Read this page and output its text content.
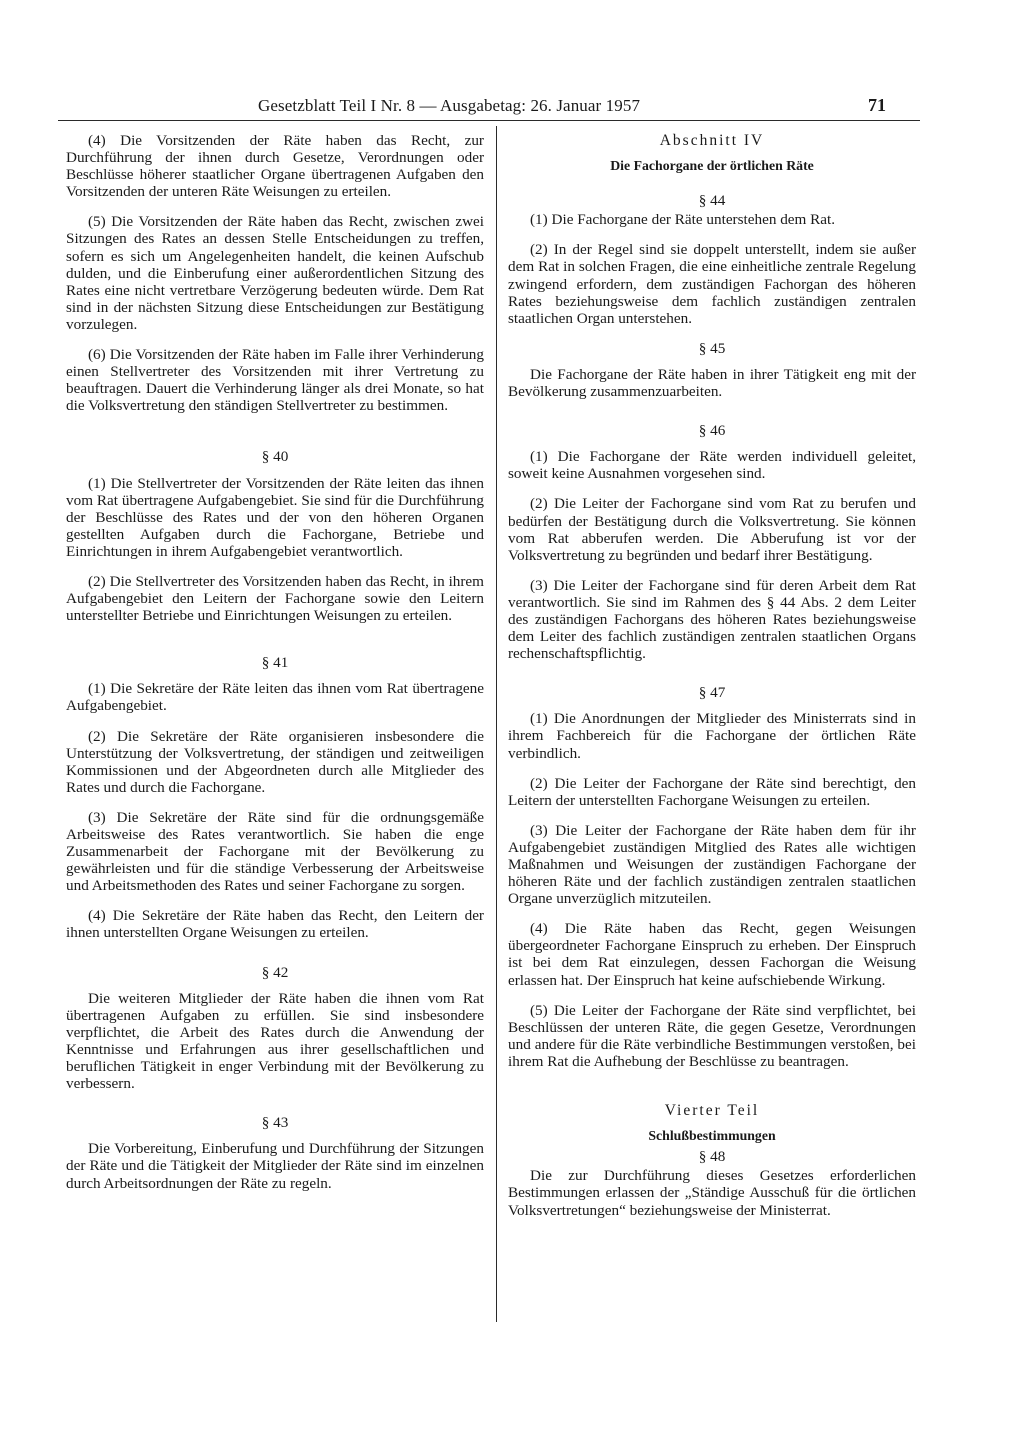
Gesetzblatt Teil I Nr. 8 — Ausgabetag: 26. Januar 1957	71

(4) Die Vorsitzenden der Räte haben das Recht, zur Durchführung der ihnen durch Gesetze, Verordnungen oder Beschlüsse höherer staatlicher Organe übertragenen Aufgaben den Vorsitzenden der unteren Räte Weisungen zu erteilen.

(5) Die Vorsitzenden der Räte haben das Recht, zwischen zwei Sitzungen des Rates an dessen Stelle Entscheidungen zu treffen, sofern es sich um Angelegenheiten handelt, die keinen Aufschub dulden, und die Einberufung einer außerordentlichen Sitzung des Rates eine nicht vertretbare Verzögerung bedeuten würde. Dem Rat sind in der nächsten Sitzung diese Entscheidungen zur Bestätigung vorzulegen.

(6) Die Vorsitzenden der Räte haben im Falle ihrer Verhinderung einen Stellvertreter des Vorsitzenden mit ihrer Vertretung zu beauftragen. Dauert die Verhinderung länger als drei Monate, so hat die Volksvertretung den ständigen Stellvertreter zu bestimmen.

§ 40

(1) Die Stellvertreter der Vorsitzenden der Räte leiten das ihnen vom Rat übertragene Aufgabengebiet. Sie sind für die Durchführung der Beschlüsse des Rates und der von den höheren Organen gestellten Aufgaben durch die Fachorgane, Betriebe und Einrichtungen in ihrem Aufgabengebiet verantwortlich.

(2) Die Stellvertreter des Vorsitzenden haben das Recht, in ihrem Aufgabengebiet den Leitern der Fachorgane sowie den Leitern unterstellter Betriebe und Einrichtungen Weisungen zu erteilen.

§ 41

(1) Die Sekretäre der Räte leiten das ihnen vom Rat übertragene Aufgabengebiet.

(2) Die Sekretäre der Räte organisieren insbesondere die Unterstützung der Volksvertretung, der ständigen und zeitweiligen Kommissionen und der Abgeordneten durch alle Mitglieder des Rates und durch die Fachorgane.

(3) Die Sekretäre der Räte sind für die ordnungsgemäße Arbeitsweise des Rates verantwortlich. Sie haben die enge Zusammenarbeit der Fachorgane mit der Bevölkerung zu gewährleisten und für die ständige Verbesserung der Arbeitsweise und Arbeitsmethoden des Rates und seiner Fachorgane zu sorgen.

(4) Die Sekretäre der Räte haben das Recht, den Leitern der ihnen unterstellten Organe Weisungen zu erteilen.

§ 42

Die weiteren Mitglieder der Räte haben die ihnen vom Rat übertragenen Aufgaben zu erfüllen. Sie sind insbesondere verpflichtet, die Arbeit des Rates durch die Anwendung der Kenntnisse und Erfahrungen aus ihrer gesellschaftlichen und beruflichen Tätigkeit in enger Verbindung mit der Bevölkerung zu verbessern.

§ 43

Die Vorbereitung, Einberufung und Durchführung der Sitzungen der Räte und die Tätigkeit der Mitglieder der Räte sind im einzelnen durch Arbeitsordnungen der Räte zu regeln.

Abschnitt IV

Die Fachorgane der örtlichen Räte

§ 44

(1) Die Fachorgane der Räte unterstehen dem Rat.

(2) In der Regel sind sie doppelt unterstellt, indem sie außer dem Rat in solchen Fragen, die eine einheitliche zentrale Regelung zwingend erfordern, dem zuständigen Fachorgan des höheren Rates beziehungsweise dem fachlich zuständigen zentralen staatlichen Organ unterstehen.

§ 45

Die Fachorgane der Räte haben in ihrer Tätigkeit eng mit der Bevölkerung zusammenzuarbeiten.

§ 46

(1) Die Fachorgane der Räte werden individuell geleitet, soweit keine Ausnahmen vorgesehen sind.

(2) Die Leiter der Fachorgane sind vom Rat zu berufen und bedürfen der Bestätigung durch die Volksvertretung. Sie können vom Rat abberufen werden. Die Abberufung ist vor der Volksvertretung zu begründen und bedarf ihrer Bestätigung.

(3) Die Leiter der Fachorgane sind für deren Arbeit dem Rat verantwortlich. Sie sind im Rahmen des § 44 Abs. 2 dem Leiter des zuständigen Fachorgans des höheren Rates beziehungsweise dem Leiter des fachlich zuständigen zentralen staatlichen Organs rechenschaftspflichtig.

§ 47

(1) Die Anordnungen der Mitglieder des Ministerrats sind in ihrem Fachbereich für die Fachorgane der örtlichen Räte verbindlich.

(2) Die Leiter der Fachorgane der Räte sind berechtigt, den Leitern der unterstellten Fachorgane Weisungen zu erteilen.

(3) Die Leiter der Fachorgane der Räte haben dem für ihr Aufgabengebiet zuständigen Mitglied des Rates alle wichtigen Maßnahmen und Weisungen der zuständigen Fachorgane der höheren Räte und der fachlich zuständigen zentralen staatlichen Organe unverzüglich mitzuteilen.

(4) Die Räte haben das Recht, gegen Weisungen übergeordneter Fachorgane Einspruch zu erheben. Der Einspruch ist bei dem Rat einzulegen, dessen Fachorgan die Weisung erlassen hat. Der Einspruch hat keine aufschiebende Wirkung.

(5) Die Leiter der Fachorgane der Räte sind verpflichtet, bei Beschlüssen der unteren Räte, die gegen Gesetze, Verordnungen und andere für die Räte verbindliche Bestimmungen verstoßen, bei ihrem Rat die Aufhebung der Beschlüsse zu beantragen.

Vierter Teil

Schlußbestimmungen

§ 48

Die zur Durchführung dieses Gesetzes erforderlichen Bestimmungen erlassen der „Ständige Ausschuß für die örtlichen Volksvertretungen“ beziehungsweise der Ministerrat.
